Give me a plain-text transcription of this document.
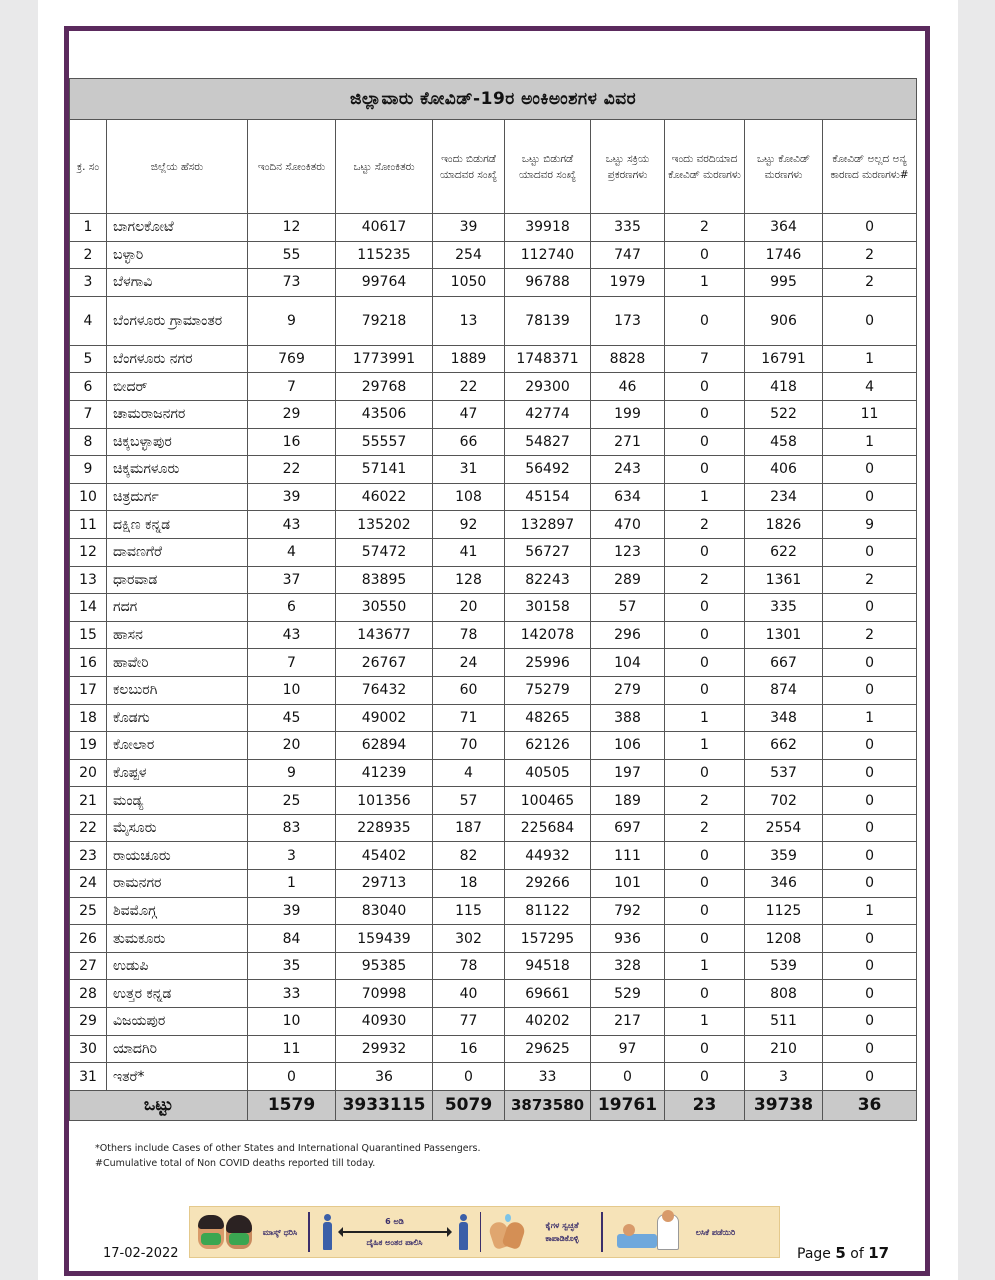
ಜಿಲ್ಲಾವಾರು ಕೋವಿಡ್-19ರ ಅಂಕಿಅಂಶಗಳ ವಿವರ									
ಕ್ರ. ಸಂ	ಜಿಲ್ಲೆಯ ಹೆಸರು	ಇಂದಿನ ಸೋಂಕಿತರು	ಒಟ್ಟು ಸೋಂಕಿತರು	ಇಂದು ಬಿಡುಗಡೆ ಯಾದವರ ಸಂಖ್ಯೆ	ಒಟ್ಟು ಬಿಡುಗಡೆ ಯಾದವರ ಸಂಖ್ಯೆ	ಒಟ್ಟು ಸಕ್ರಿಯ ಪ್ರಕರಣಗಳು	ಇಂದು ವರದಿಯಾದ ಕೋವಿಡ್ ಮರಣಗಳು	ಒಟ್ಟು ಕೋವಿಡ್ ಮರಣಗಳು	ಕೋವಿಡ್ ಅಲ್ಲದ ಅನ್ಯ ಕಾರಣದ ಮರಣಗಳು#
1	ಬಾಗಲಕೋಟೆ	12	40617	39	39918	335	2	364	0
2	ಬಳ್ಳಾರಿ	55	115235	254	112740	747	0	1746	2
3	ಬೆಳಗಾವಿ	73	99764	1050	96788	1979	1	995	2
4	ಬೆಂಗಳೂರು ಗ್ರಾಮಾಂತರ	9	79218	13	78139	173	0	906	0
5	ಬೆಂಗಳೂರು ನಗರ	769	1773991	1889	1748371	8828	7	16791	1
6	ಬೀದರ್	7	29768	22	29300	46	0	418	4
7	ಚಾಮರಾಜನಗರ	29	43506	47	42774	199	0	522	11
8	ಚಿಕ್ಕಬಳ್ಳಾಪುರ	16	55557	66	54827	271	0	458	1
9	ಚಿಕ್ಕಮಗಳೂರು	22	57141	31	56492	243	0	406	0
10	ಚಿತ್ರದುರ್ಗ	39	46022	108	45154	634	1	234	0
11	ದಕ್ಷಿಣ ಕನ್ನಡ	43	135202	92	132897	470	2	1826	9
12	ದಾವಣಗೆರೆ	4	57472	41	56727	123	0	622	0
13	ಧಾರವಾಡ	37	83895	128	82243	289	2	1361	2
14	ಗದಗ	6	30550	20	30158	57	0	335	0
15	ಹಾಸನ	43	143677	78	142078	296	0	1301	2
16	ಹಾವೇರಿ	7	26767	24	25996	104	0	667	0
17	ಕಲಬುರಗಿ	10	76432	60	75279	279	0	874	0
18	ಕೊಡಗು	45	49002	71	48265	388	1	348	1
19	ಕೋಲಾರ	20	62894	70	62126	106	1	662	0
20	ಕೊಪ್ಪಳ	9	41239	4	40505	197	0	537	0
21	ಮಂಡ್ಯ	25	101356	57	100465	189	2	702	0
22	ಮೈಸೂರು	83	228935	187	225684	697	2	2554	0
23	ರಾಯಚೂರು	3	45402	82	44932	111	0	359	0
24	ರಾಮನಗರ	1	29713	18	29266	101	0	346	0
25	ಶಿವಮೊಗ್ಗ	39	83040	115	81122	792	0	1125	1
26	ತುಮಕೂರು	84	159439	302	157295	936	0	1208	0
27	ಉಡುಪಿ	35	95385	78	94518	328	1	539	0
28	ಉತ್ತರ ಕನ್ನಡ	33	70998	40	69661	529	0	808	0
29	ವಿಜಯಪುರ	10	40930	77	40202	217	1	511	0
30	ಯಾದಗಿರಿ	11	29932	16	29625	97	0	210	0
31	ಇತರೆ*	0	36	0	33	0	0	3	0
ಒಟ್ಟು		1579	3933115	5079	3873580	19761	23	39738	36
*Others include Cases of other States and International Quarantined Passengers.
#Cumulative total of Non COVID deaths reported till today.
ಮಾಸ್ಕ್ ಧರಿಸಿ
6 ಅಡಿ
ದೈಹಿಕ ಅಂತರ ಪಾಲಿಸಿ
ಕೈಗಳ ಸ್ವಚ್ಛತೆ ಕಾಪಾಡಿಕೊಳ್ಳಿ
ಲಸಿಕೆ ಪಡೆಯಿರಿ
17-02-2022	Page 5 of 17
